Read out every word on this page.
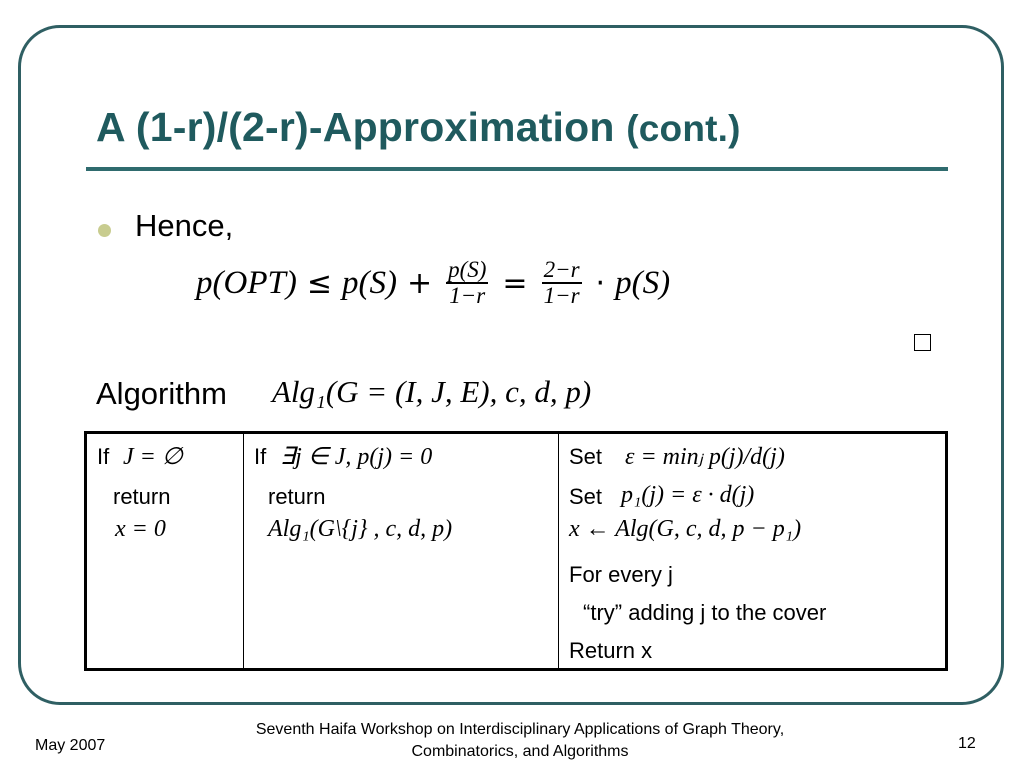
A (1-r)/(2-r)-Approximation (cont.)
Hence,
$p(OPT) \le p(S) + \frac{p(S)}{1-r} = \frac{2-r}{1-r} \cdot p(S)$
Algorithm Alg₁(G = (I, J, E), c, d, p)
If J = ∅
return
x = 0
If ∃j ∈ J, p(j) = 0
return
Alg₁(G\{j} , c, d, p)
Set ε = minⱼ p(j)/d(j)
Set p₁(j) = ε · d(j)
x ← Alg(G, c, d, p − p₁)
For every j
“try” adding j to the cover
Return x
May 2007
Seventh Haifa Workshop on Interdisciplinary Applications of Graph Theory, Combinatorics, and Algorithms	12
